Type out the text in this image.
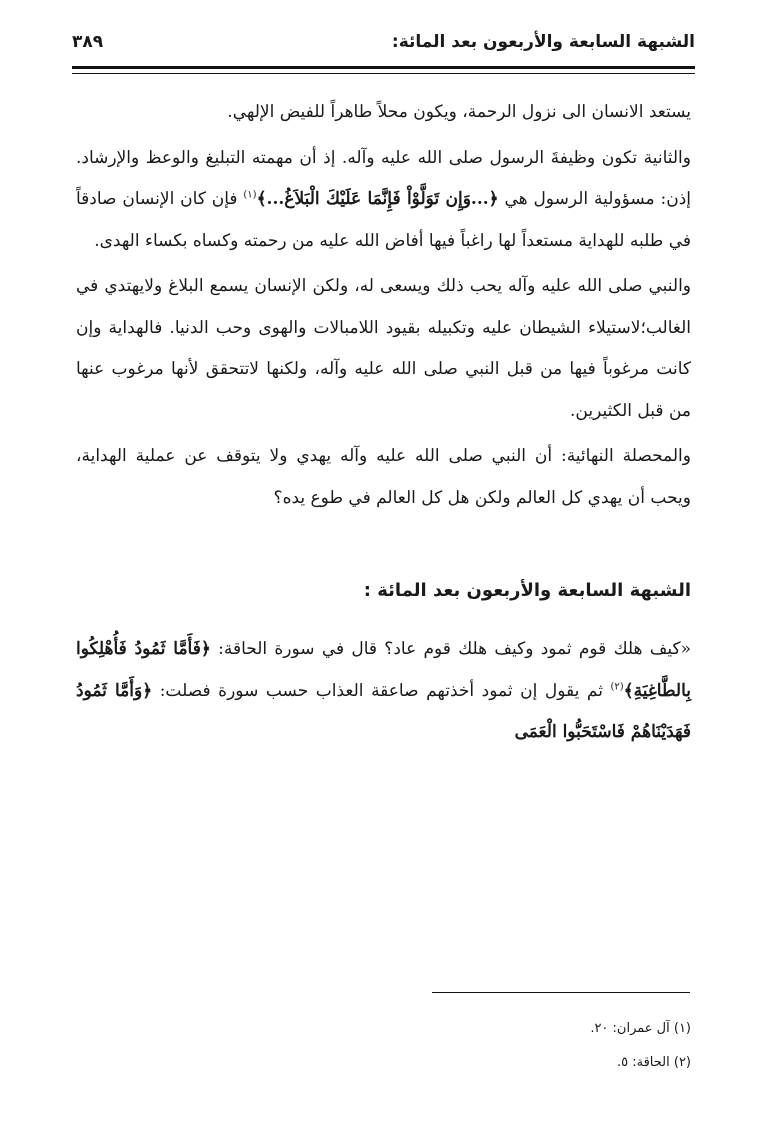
الشبهة السابعة والأربعون بعد المائة:
٣٨٩

يستعد الانسان الى نزول الرحمة، ويكون محلاً طاهراً للفيض الإلهي.

والثانية تكون وظيفةَ الرسول صلى الله عليه وآله. إذ أن مهمته التبليغ والوعظ والإرشاد. إذن: مسؤولية الرسول هي ﴿...وَإِن تَوَلَّوْاْ فَإِنَّمَا عَلَيْكَ الْبَلاَغُ...﴾$^{(١)}$ فإن كان الإنسان صادقاً في طلبه للهداية مستعداً لها راغباً فيها أفاض الله عليه من رحمته وكساه بكساء الهدى.

والنبي صلى الله عليه وآله يحب ذلك ويسعى له، ولكن الإنسان يسمع البلاغ ولايهتدي في الغالب؛لاستيلاء الشيطان عليه وتكبيله بقيود اللامبالات والهوى وحب الدنيا. فالهداية وإن كانت مرغوباً فيها من قبل النبي صلى الله عليه وآله، ولكنها لاتتحقق لأنها مرغوب عنها من قبل الكثيرين.

والمحصلة النهائية: أن النبي صلى الله عليه وآله يهدي ولا يتوقف عن عملية الهداية، ويحب أن يهدي كل العالم ولكن هل كل العالم في طوع يده؟

الشبهة السابعة والأربعون بعد المائة :

«كيف هلك قوم ثمود وكيف هلك قوم عاد؟ قال في سورة الحاقة: ﴿فَأَمَّا ثَمُودُ فَأُهْلِكُوا بِالطَّاغِيَةِ﴾$^{(٢)}$ ثم يقول إن ثمود أخذتهم صاعقة العذاب حسب سورة فصلت: ﴿وَأَمَّا ثَمُودُ فَهَدَيْنَاهُمْ فَاسْتَحَبُّوا الْعَمَى

(١) آل عمران: ٢٠.

(٢) الحاقة: ٥.
